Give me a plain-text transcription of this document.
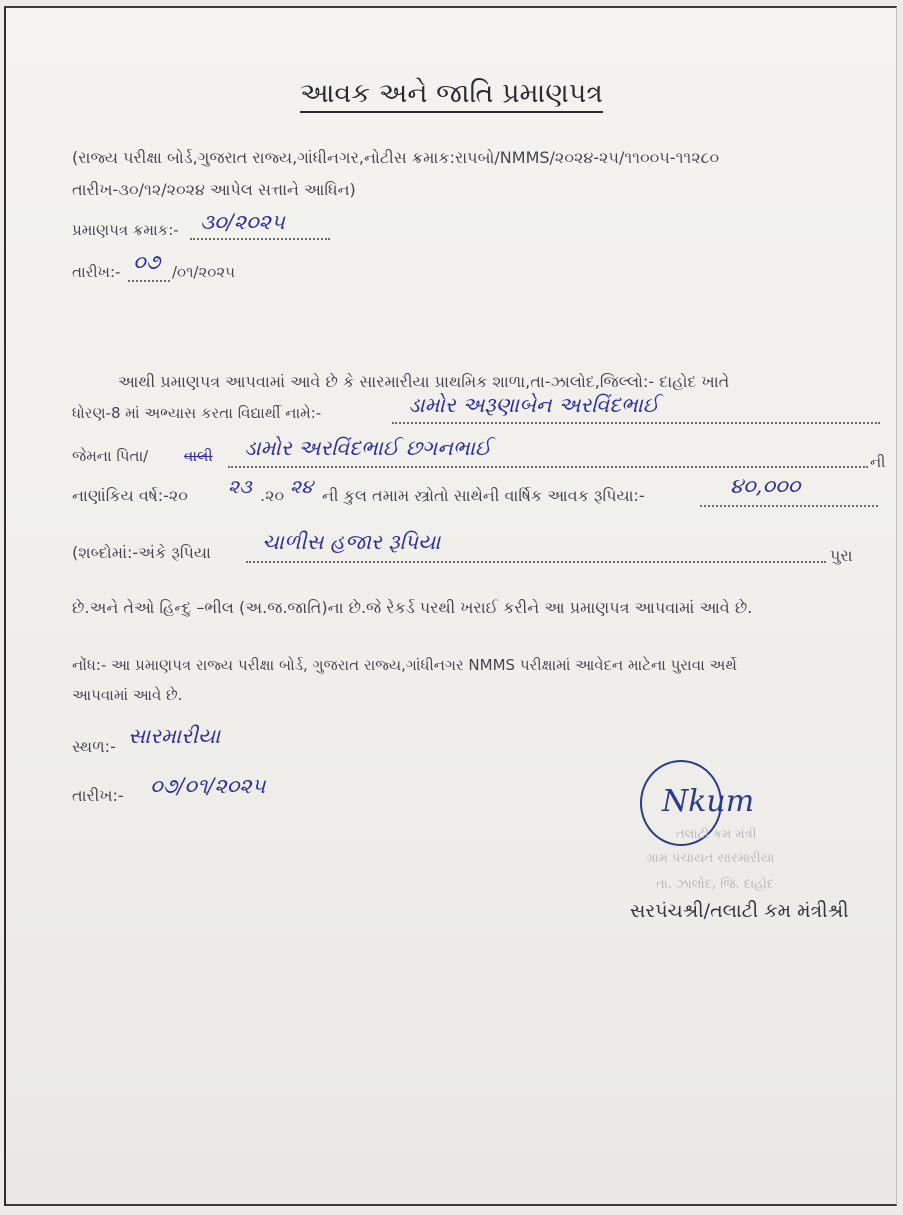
આવક અને જાતિ પ્રમાણપત્ર
(રાજ્ય પરીક્ષા બોર્ડ,ગુજરાત રાજ્ય,ગાંધીનગર,નોટીસ ક્રમાક:રાપબો/NMMS/૨૦૨૪-૨૫/૧૧૦૦૫-૧૧૨૮૦
તારીખ-૩૦/૧૨/૨૦૨૪ આપેલ સત્તાને આધિન)
પ્રમાણપત્ર ક્રમાક:- ૩૦/૨૦૨૫
તારીખ:- ૦૭ /૦૧/૨૦૨૫
આથી પ્રમાણપત્ર આપવામાં આવે છે કે સારમારીયા પ્રાથમિક શાળા,તા-ઝાલોદ,જિલ્લો:- દાહોદ ખાતે
ધોરણ-8 માં અભ્યાસ કરતા વિદ્યાર્થી નામે:-	ડામોર અરૂણાબેન અરવિંદભાઈ
જેમના પિતા/ વાલી ડામોર અરવિંદભાઈ છગનભાઈ
ની
નાણાંકિય વર્ષ:-૨૦ ૨૩ .૨૦ ૨૪ ની કુલ તમામ સ્ત્રોતો સાથેની વાર્ષિક આવક રૂપિયા:-	૪૦,૦૦૦
(શબ્દોમાં:-અંકે રૂપિયા ચાળીસ હજાર રૂપિયા
પુરા
છે.અને તેઓ હિન્દુ –ભીલ (અ.જ.જાતિ)ના છે.જે રેકર્ડ પરથી ખરાઈ કરીને આ પ્રમાણપત્ર આપવામાં આવે છે.
નોંધ:- આ પ્રમાણપત્ર રાજ્ય પરીક્ષા બોર્ડ, ગુજરાત રાજ્ય,ગાંધીનગર NMMS પરીક્ષામાં આવેદન માટેના પુરાવા અર્થે
આપવામાં આવે છે.
સ્થળ:- સારમારીયા
તારીખ:- ૦૭/૦૧/૨૦૨૫	Nkum
તલાટી કમ મંત્રી
ગ્રામ પંચાયત સારમારીયા
તા. ઝાલોદ, જિ. દાહોદ
સરપંચશ્રી/તલાટી કમ મંત્રીશ્રી
